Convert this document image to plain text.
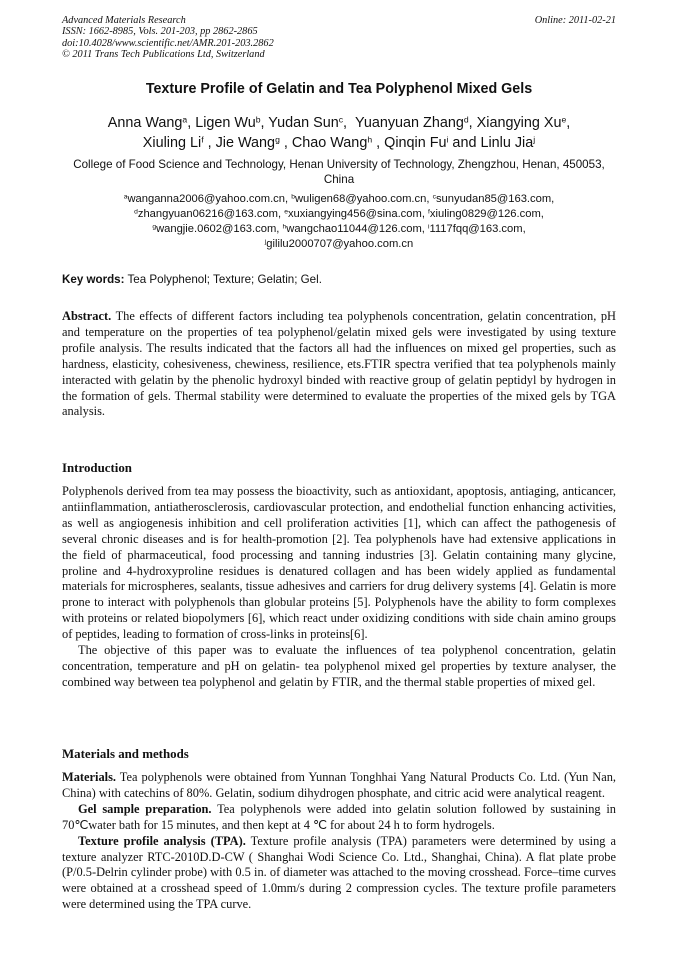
Advanced Materials Research
ISSN: 1662-8985, Vols. 201-203, pp 2862-2865
doi:10.4028/www.scientific.net/AMR.201-203.2862
© 2011 Trans Tech Publications Ltd, Switzerland
Online: 2011-02-21
Texture Profile of Gelatin and Tea Polyphenol Mixed Gels
Anna Wang$^a$, Ligen Wu$^b$, Yudan Sun$^c$, Yuanyuan Zhang$^d$, Xiangying Xu$^e$,
Xiuling Li$^f$ , Jie Wang$^g$ , Chao Wang$^h$ , Qinqin Fu$^i$ and Linlu Jia$^j$
College of Food Science and Technology, Henan University of Technology, Zhengzhou, Henan, 450053, China
$^a$wanganna2006@yahoo.com.cn, $^b$wuligen68@yahoo.com.cn, $^c$sunyudan85@163.com,
$^d$zhangyuan06216@163.com, $^e$xuxiangying456@sina.com, $^f$xiuling0829@126.com,
$^g$wangjie.0602@163.com, $^h$wangchao11044@126.com, $^i$1117fqq@163.com,
$^j$gililu2000707@yahoo.com.cn
Key words: Tea Polyphenol; Texture; Gelatin; Gel.

Abstract. The effects of different factors including tea polyphenols concentration, gelatin concentration, pH and temperature on the properties of tea polyphenol/gelatin mixed gels were investigated by using texture profile analysis. The results indicated that the factors all had the influences on mixed gel properties, such as hardness, elasticity, cohesiveness, chewiness, resilience, ets.FTIR spectra verified that tea polyphenols mainly interacted with gelatin by the phenolic hydroxyl binded with reactive group of gelatin peptidyl by hydrogen in the formation of gels. Thermal stability were determined to evaluate the properties of the mixed gels by TGA analysis.

Introduction

Polyphenols derived from tea may possess the bioactivity, such as antioxidant, apoptosis, antiaging, anticancer, antiinflammation, antiatherosclerosis, cardiovascular protection, and endothelial function enhancing activities, as well as angiogenesis inhibition and cell proliferation activities [1], which can affect the pathogenesis of several chronic diseases and is for health-promotion [2]. Tea polyphenols have had extensive applications in the field of pharmaceutical, food processing and tanning industries [3]. Gelatin containing many glycine, proline and 4-hydroxyproline residues is denatured collagen and has been widely applied as fundamental materials for microspheres, sealants, tissue adhesives and carriers for drug delivery systems [4]. Gelatin is more prone to interact with polyphenols than globular proteins [5]. Polyphenols have the ability to form complexes with proteins or related biopolymers [6], which react under oxidizing conditions with side chain amino groups of peptides, leading to formation of cross-links in proteins[6].

The objective of this paper was to evaluate the influences of tea polyphenol concentration, gelatin concentration, temperature and pH on gelatin- tea polyphenol mixed gel properties by texture analyser, the combined way between tea polyphenol and gelatin by FTIR, and the thermal stable properties of mixed gel.

Materials and methods

Materials. Tea polyphenols were obtained from Yunnan Tonghhai Yang Natural Products Co. Ltd. (Yun Nan, China) with catechins of 80%. Gelatin, sodium dihydrogen phosphate, and citric acid were analytical reagent.

Gel sample preparation. Tea polyphenols were added into gelatin solution followed by sustaining in 70℃water bath for 15 minutes, and then kept at 4 ℃ for about 24 h to form hydrogels.

Texture profile analysis (TPA). Texture profile analysis (TPA) parameters were determined by using a texture analyzer RTC-2010D.D-CW ( Shanghai Wodi Science Co. Ltd., Shanghai, China). A flat plate probe (P/0.5-Delrin cylinder probe) with 0.5 in. of diameter was attached to the moving crosshead. Force–time curves were obtained at a crosshead speed of 1.0mm/s during 2 compression cycles. The texture profile parameters were determined using the TPA curve.
